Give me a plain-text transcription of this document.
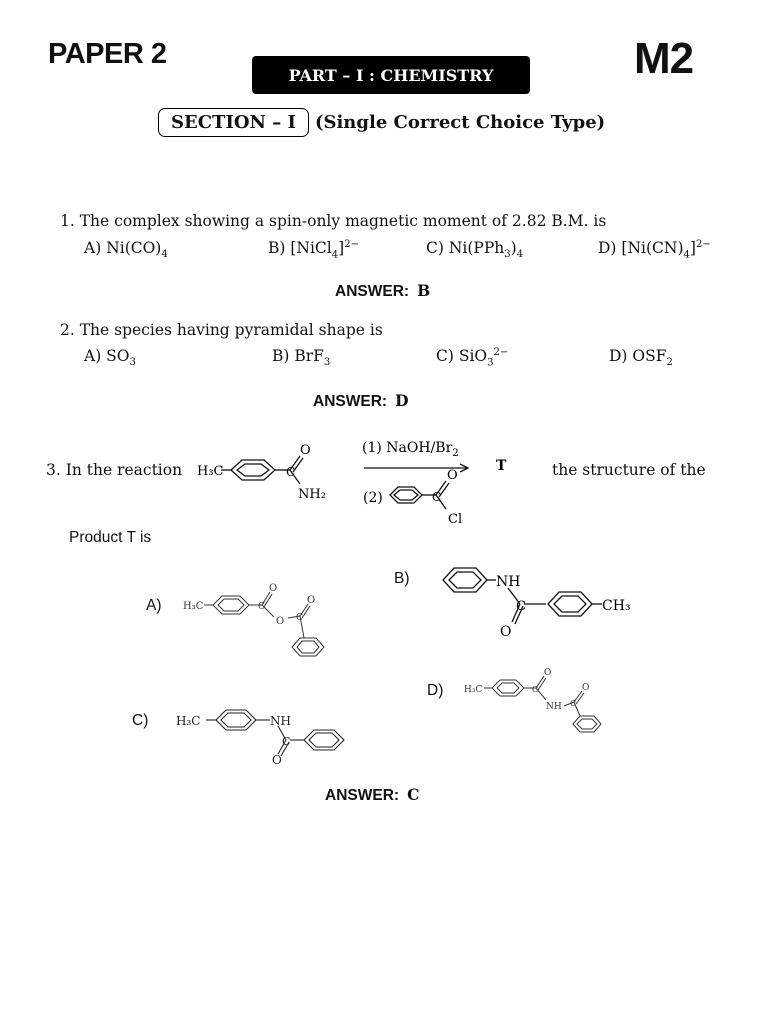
PAPER 2	M2
PART – I : CHEMISTRY
SECTION – I	(Single Correct Choice Type)
1. The complex showing a spin-only magnetic moment of 2.82 B.M. is
A) $Ni(CO)_4$	B) [NiCl$_4$]$^{2-}$	C) $Ni(PPh_3)_4$	D) $[Ni(CN)_4]^{2-}$
ANSWER: B
2. The species having pyramidal shape is
A) $SO_3$	B) BrF$_3$	C) SiO$_3^{2-}$	D) $OSF_2$
ANSWER: D
3. In the reaction	the structure of the
Product T is
H₃C	C
O
NH₂
(1) NaOH/$Br_2$
(2)	C
O
Cl
T
A)
B)
C)
D)
H₃C	C
O
O C
O
NH
C
O
CH₃
H₃C	NH
C
O
H₃C	C
O
NH C
O
ANSWER: C
